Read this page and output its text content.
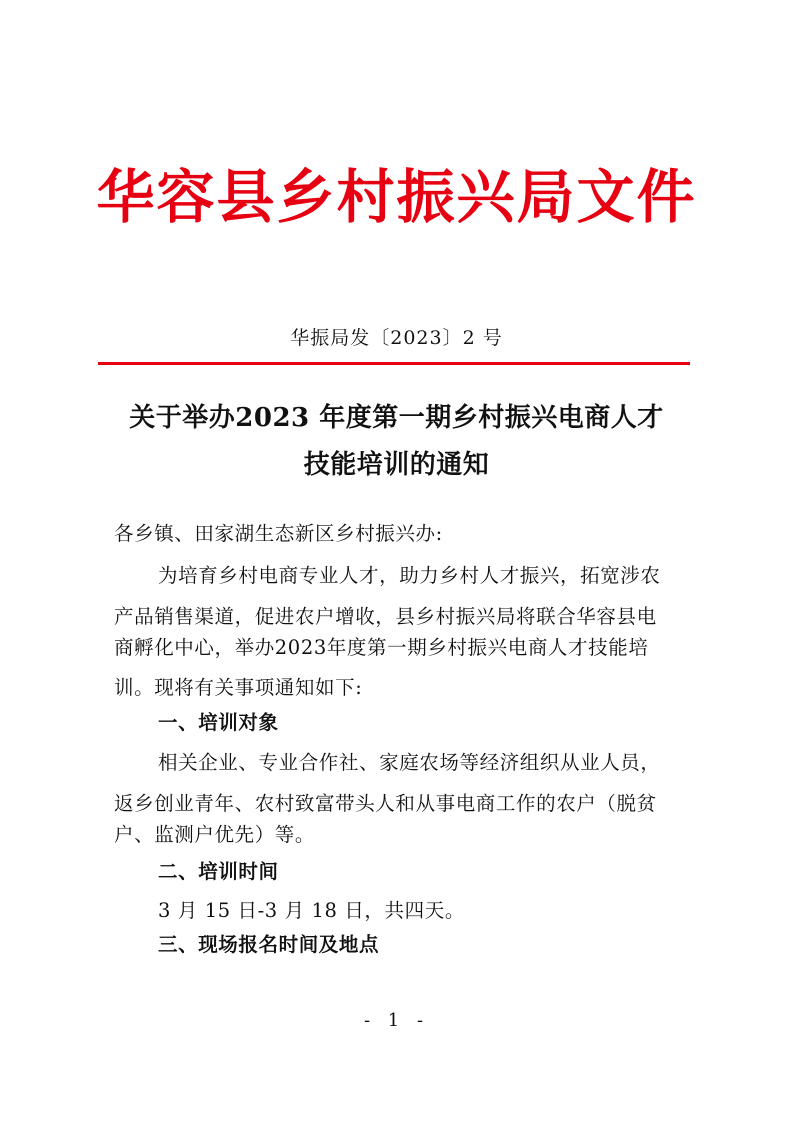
华容县乡村振兴局文件
华振局发〔2023〕2 号
关于举办2023 年度第一期乡村振兴电商人才
技能培训的通知
各乡镇、田家湖生态新区乡村振兴办:
为培育乡村电商专业人才，助力乡村人才振兴，拓宽涉农
产品销售渠道，促进农户增收，县乡村振兴局将联合华容县电
商孵化中心，举办2023年度第一期乡村振兴电商人才技能培
训。现将有关事项通知如下:
一、培训对象
相关企业、专业合作社、家庭农场等经济组织从业人员，
返乡创业青年、农村致富带头人和从事电商工作的农户（脱贫
户、监测户优先）等。
二、培训时间
3 月 15 日-3 月 18 日，共四天。
三、现场报名时间及地点
- 1 -
